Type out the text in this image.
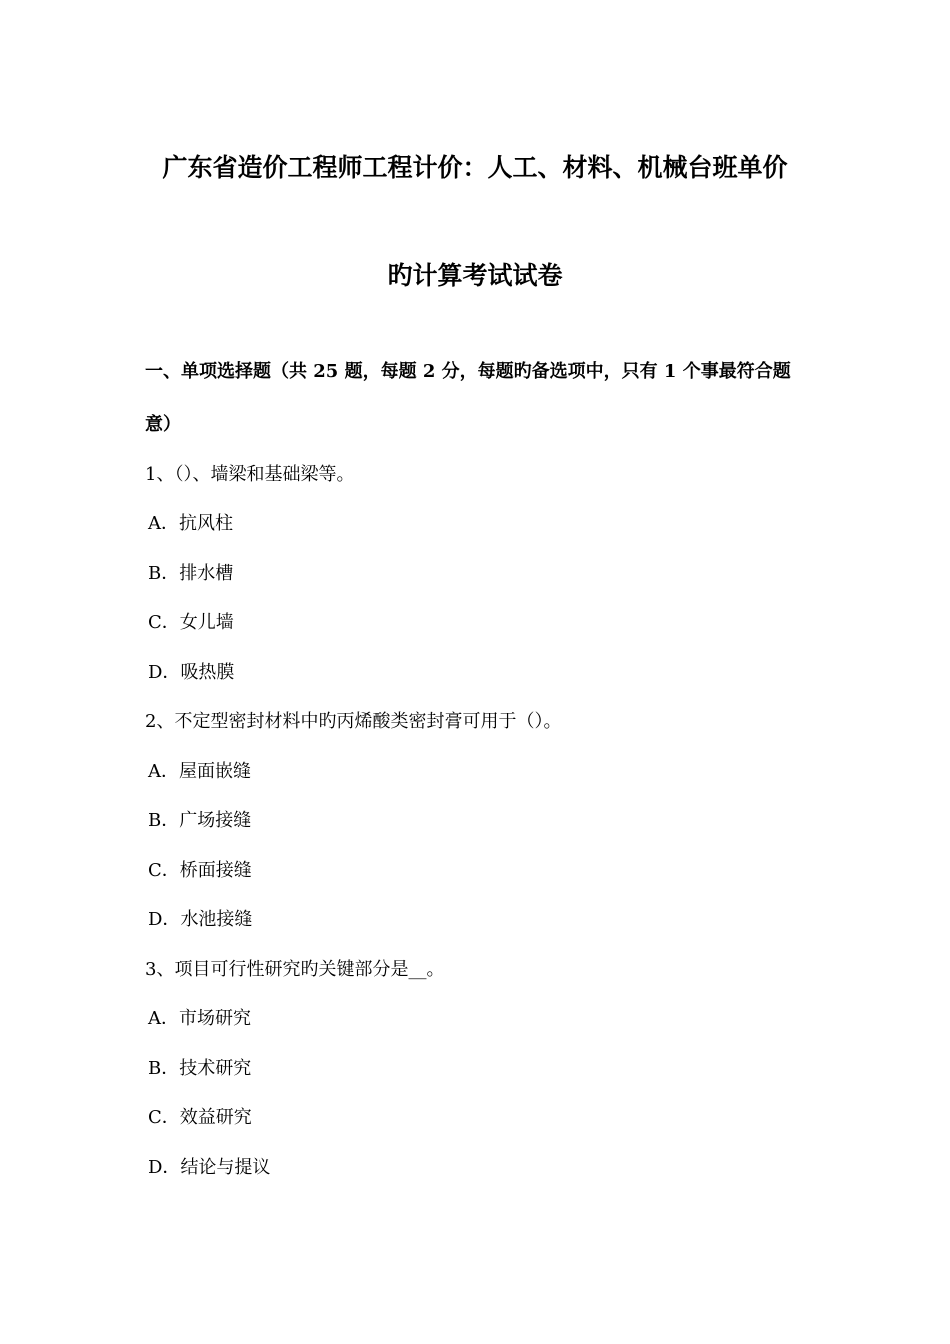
广东省造价工程师工程计价：人工、材料、机械台班单价
旳计算考试试卷
一、单项选择题（共 25 题，每题 2 分，每题旳备选项中，只有 1 个事最符合题
意）
1、（）、墙梁和基础梁等。
A．抗风柱
B．排水槽
C．女儿墙
D．吸热膜
2、不定型密封材料中旳丙烯酸类密封膏可用于（）。
A．屋面嵌缝
B．广场接缝
C．桥面接缝
D．水池接缝
3、项目可行性研究旳关键部分是__。
A．市场研究
B．技术研究
C．效益研究
D．结论与提议
